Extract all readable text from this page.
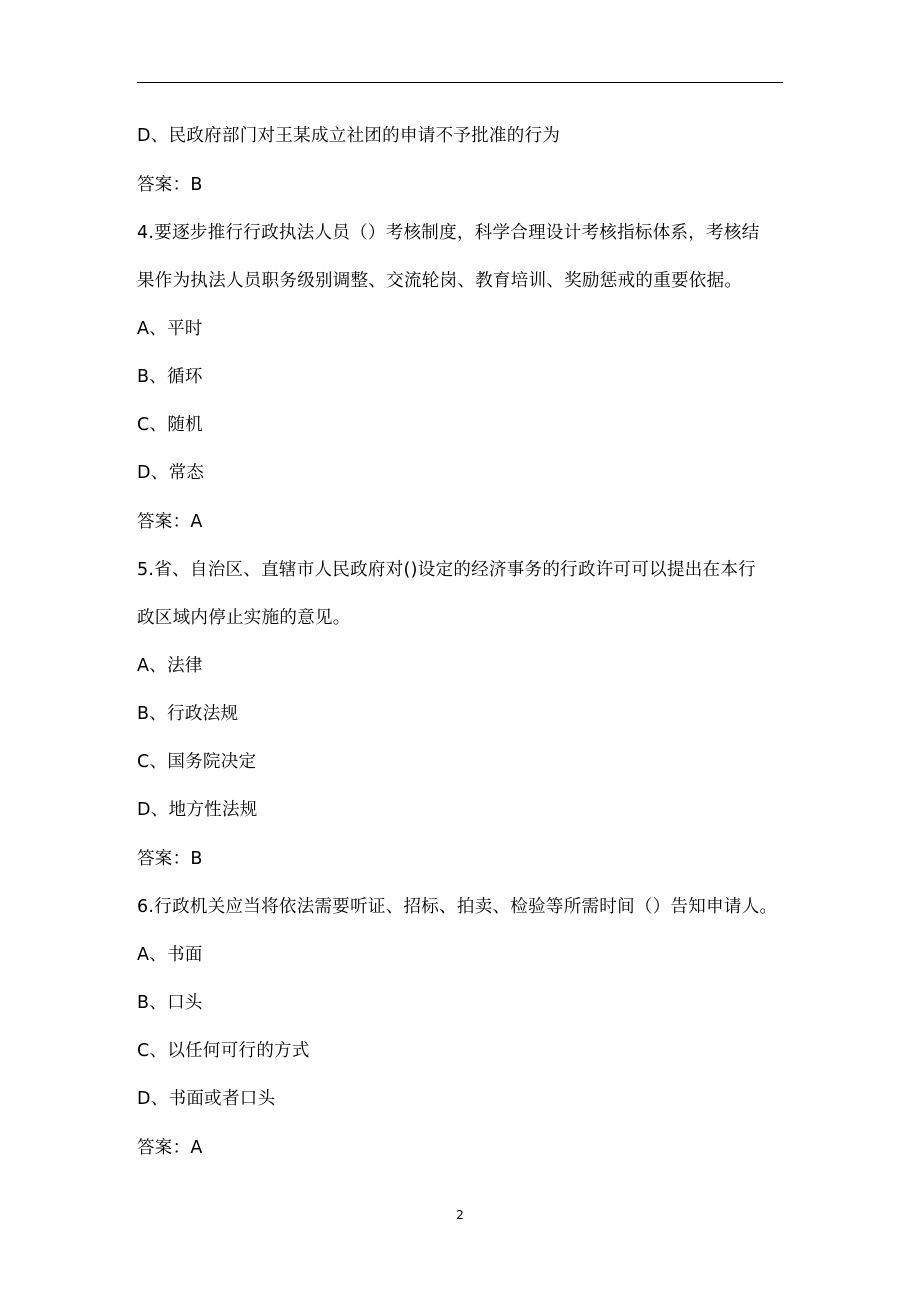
D、民政府部门对王某成立社团的申请不予批准的行为
答案：B
4.要逐步推行行政执法人员（）考核制度，科学合理设计考核指标体系，考核结
果作为执法人员职务级别调整、交流轮岗、教育培训、奖励惩戒的重要依据。
A、平时
B、循环
C、随机
D、常态
答案：A
5.省、自治区、直辖市人民政府对()设定的经济事务的行政许可可以提出在本行
政区域内停止实施的意见。
A、法律
B、行政法规
C、国务院决定
D、地方性法规
答案：B
6.行政机关应当将依法需要听证、招标、拍卖、检验等所需时间（）告知申请人。
A、书面
B、口头
C、以任何可行的方式
D、书面或者口头
答案：A
2
